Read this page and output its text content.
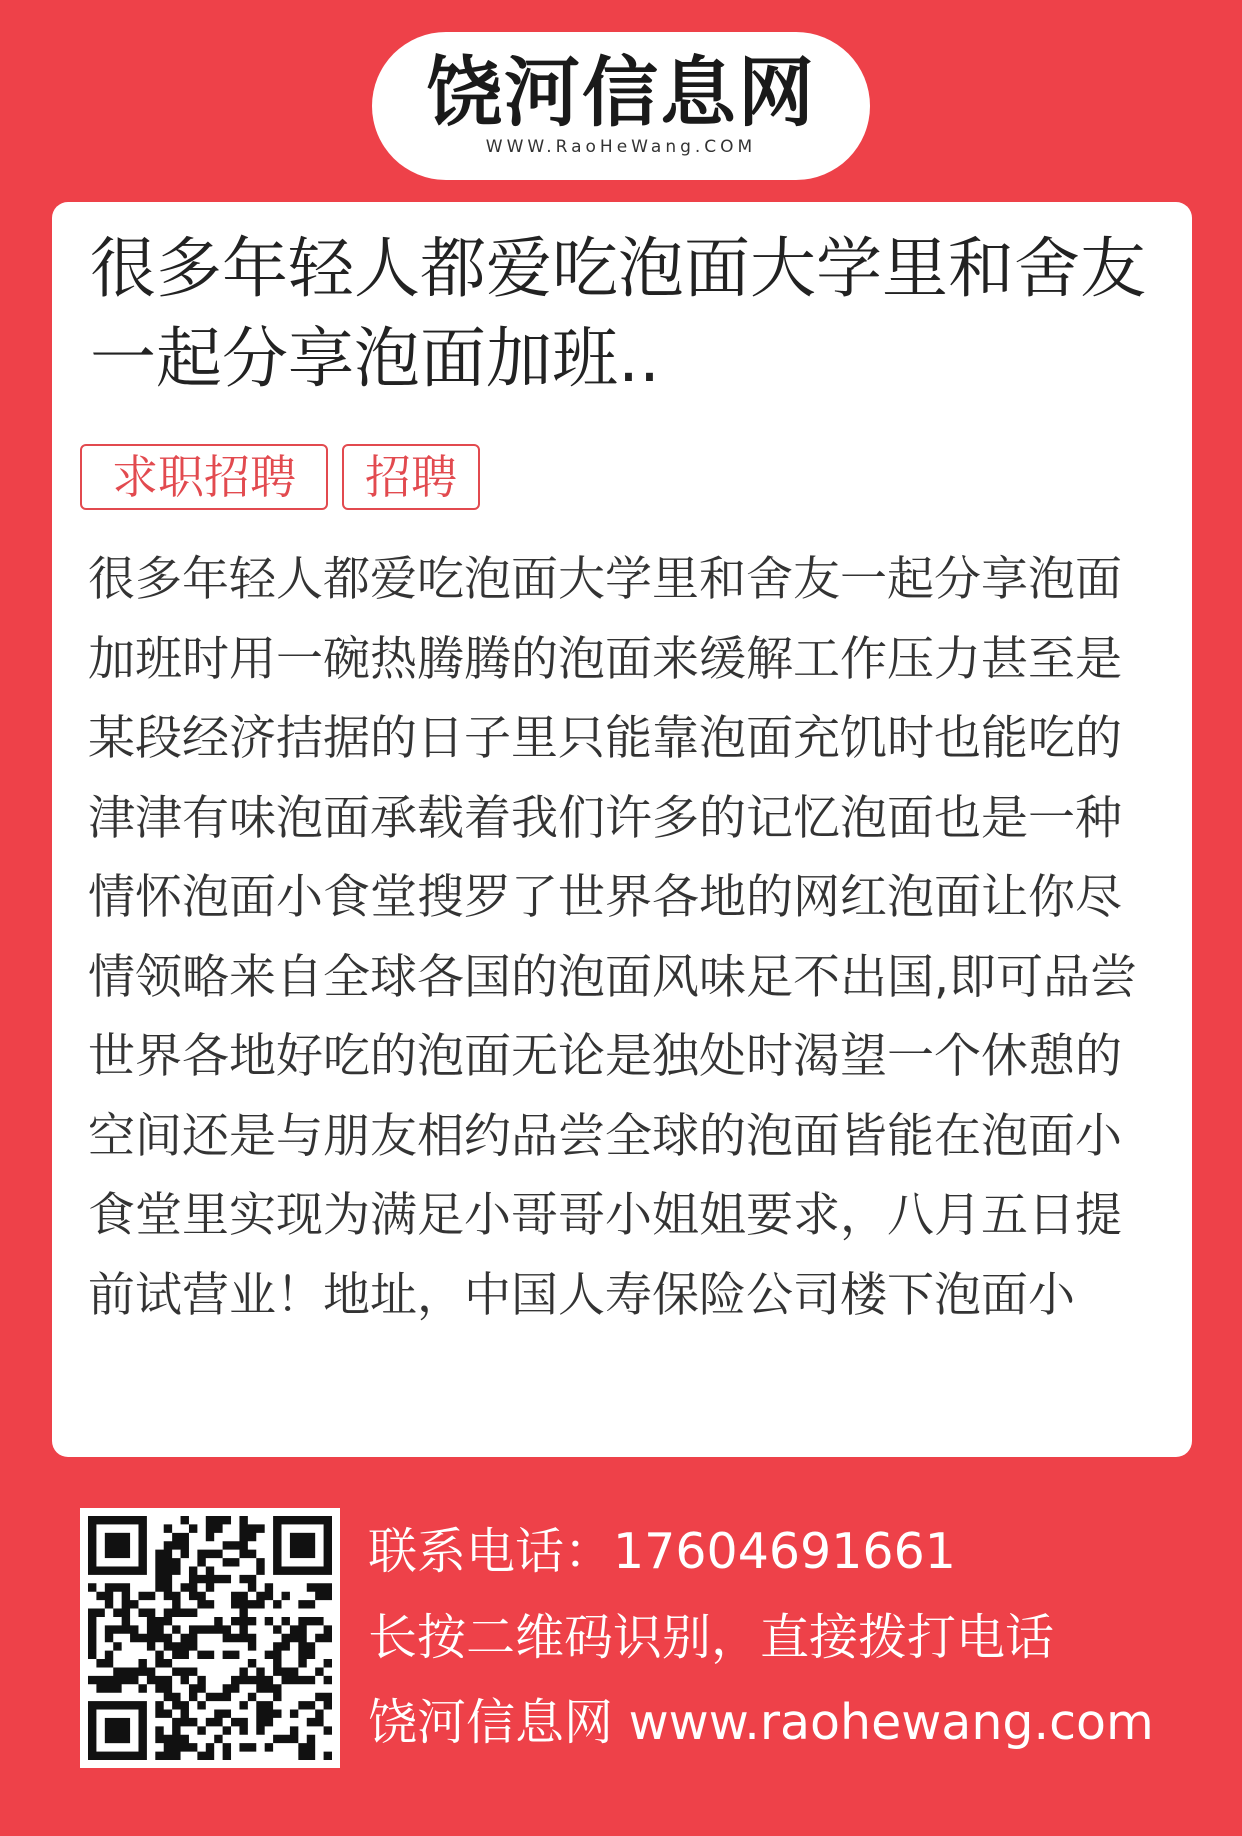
饶河信息网
WWW.RaoHeWang.COM
很多年轻人都爱吃泡面大学里和舍友一起分享泡面加班..
求职招聘	招聘

很多年轻人都爱吃泡面大学里和舍友一起分享泡面加班时用一碗热腾腾的泡面来缓解工作压力甚至是某段经济拮据的日子里只能靠泡面充饥时也能吃的津津有味泡面承载着我们许多的记忆泡面也是一种情怀泡面小食堂搜罗了世界各地的网红泡面让你尽情领略来自全球各国的泡面风味足不出国,即可品尝世界各地好吃的泡面无论是独处时渴望一个休憩的空间还是与朋友相约品尝全球的泡面皆能在泡面小食堂里实现为满足小哥哥小姐姐要求，八月五日提前试营业！地址，中国人寿保险公司楼下泡面小

联系电话：17604691661
长按二维码识别，直接拨打电话
饶河信息网 www.raohewang.com
